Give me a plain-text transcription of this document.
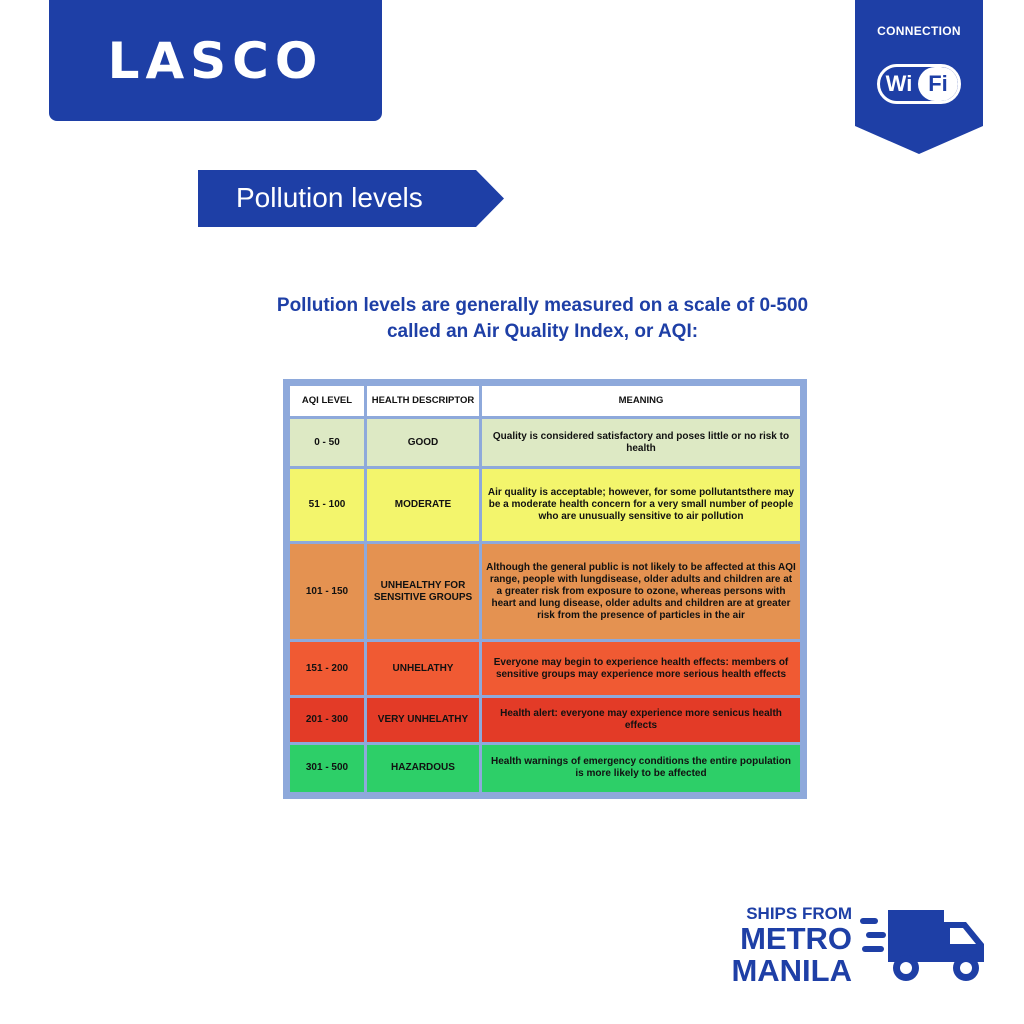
LASCO
CONNECTION
Wi Fi
Pollution levels
Pollution levels are generally measured on a scale of 0-500 called an Air Quality Index, or AQI:
AQI LEVEL	HEALTH DESCRIPTOR	MEANING
0 - 50	GOOD	Quality is considered satisfactory and poses little or no risk to health
51 - 100	MODERATE	Air quality is acceptable; however, for some pollutantsthere may be a moderate health concern for a very small number of people who are unusually sensitive to air pollution
101 - 150	UNHEALTHY FOR SENSITIVE GROUPS	Although the general public is not likely to be affected at this AQI range, people with lungdisease, older adults and children are at a greater risk from exposure to ozone, whereas persons with heart and lung disease, older adults and children are at greater risk from the presence of particles in the air
151 - 200	UNHELATHY	Everyone may begin to experience health effects: members of sensitive groups may experience more serious health effects
201 - 300	VERY UNHELATHY	Health alert: everyone may experience more senicus health effects
301 - 500	HAZARDOUS	Health warnings of emergency conditions the entire population is more likely to be affected
SHIPS FROM
METRO
MANILA
